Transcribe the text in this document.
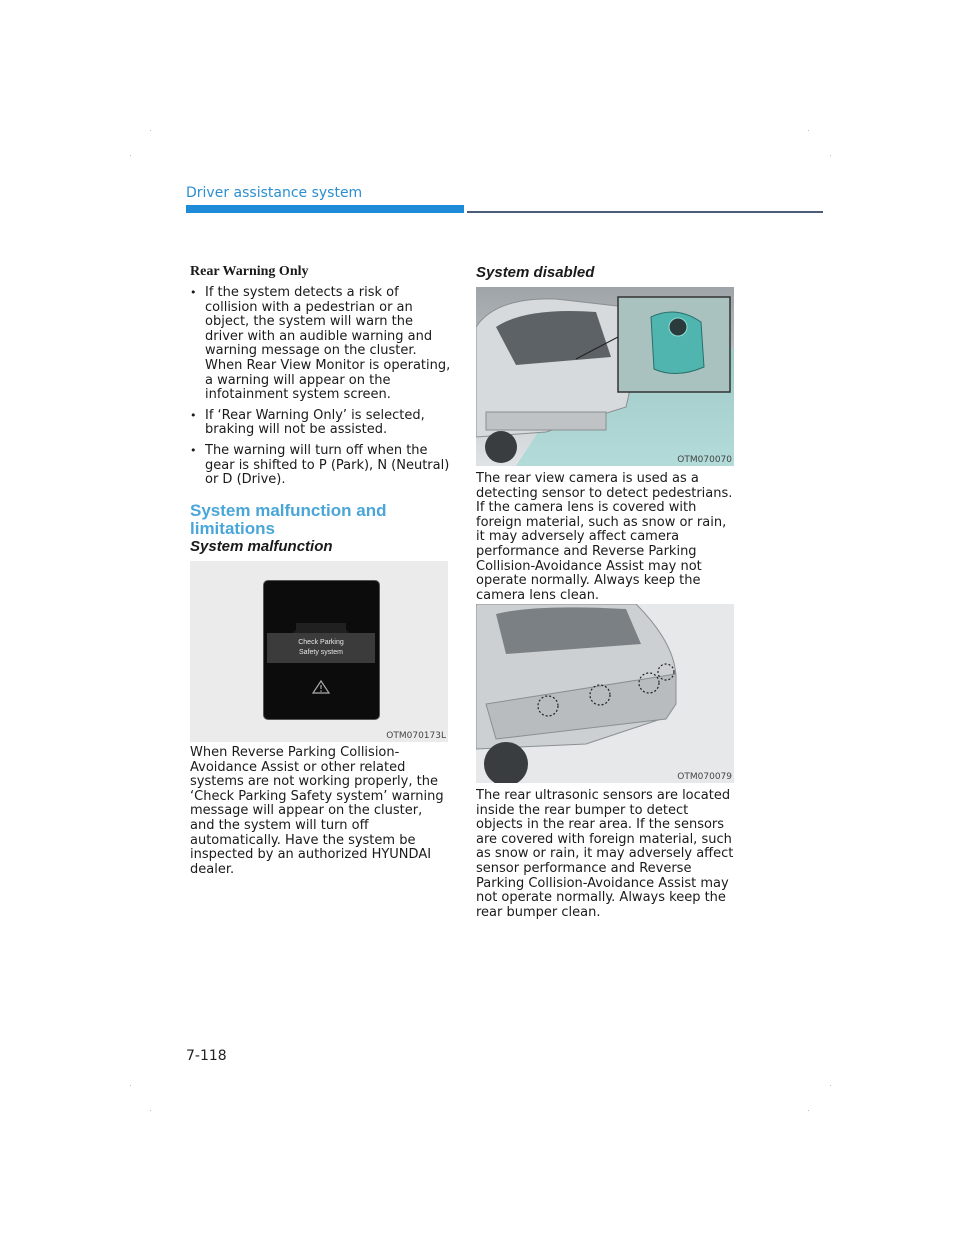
Driver assistance system
Rear Warning Only
• If the system detects a risk of collision with a pedestrian or an object, the system will warn the driver with an audible warning and warning message on the cluster. When Rear View Monitor is operating, a warning will appear on the infotainment system screen.
• If ‘Rear Warning Only’ is selected, braking will not be assisted.
• The warning will turn off when the gear is shifted to P (Park), N (Neutral) or D (Drive).
System malfunction and limitations
System malfunction
Check Parking
Safety system
OTM070173L
When Reverse Parking Collision-Avoidance Assist or other related systems are not working properly, the ‘Check Parking Safety system’ warning message will appear on the cluster, and the system will turn off automatically. Have the system be inspected by an authorized HYUNDAI dealer.
System disabled
OTM070070
The rear view camera is used as a detecting sensor to detect pedestrians. If the camera lens is covered with foreign material, such as snow or rain, it may adversely affect camera performance and Reverse Parking Collision-Avoidance Assist may not operate normally. Always keep the camera lens clean.
OTM070079
The rear ultrasonic sensors are located inside the rear bumper to detect objects in the rear area. If the sensors are covered with foreign material, such as snow or rain, it may adversely affect sensor performance and Reverse Parking Collision-Avoidance Assist may not operate normally. Always keep the rear bumper clean.
7-118
